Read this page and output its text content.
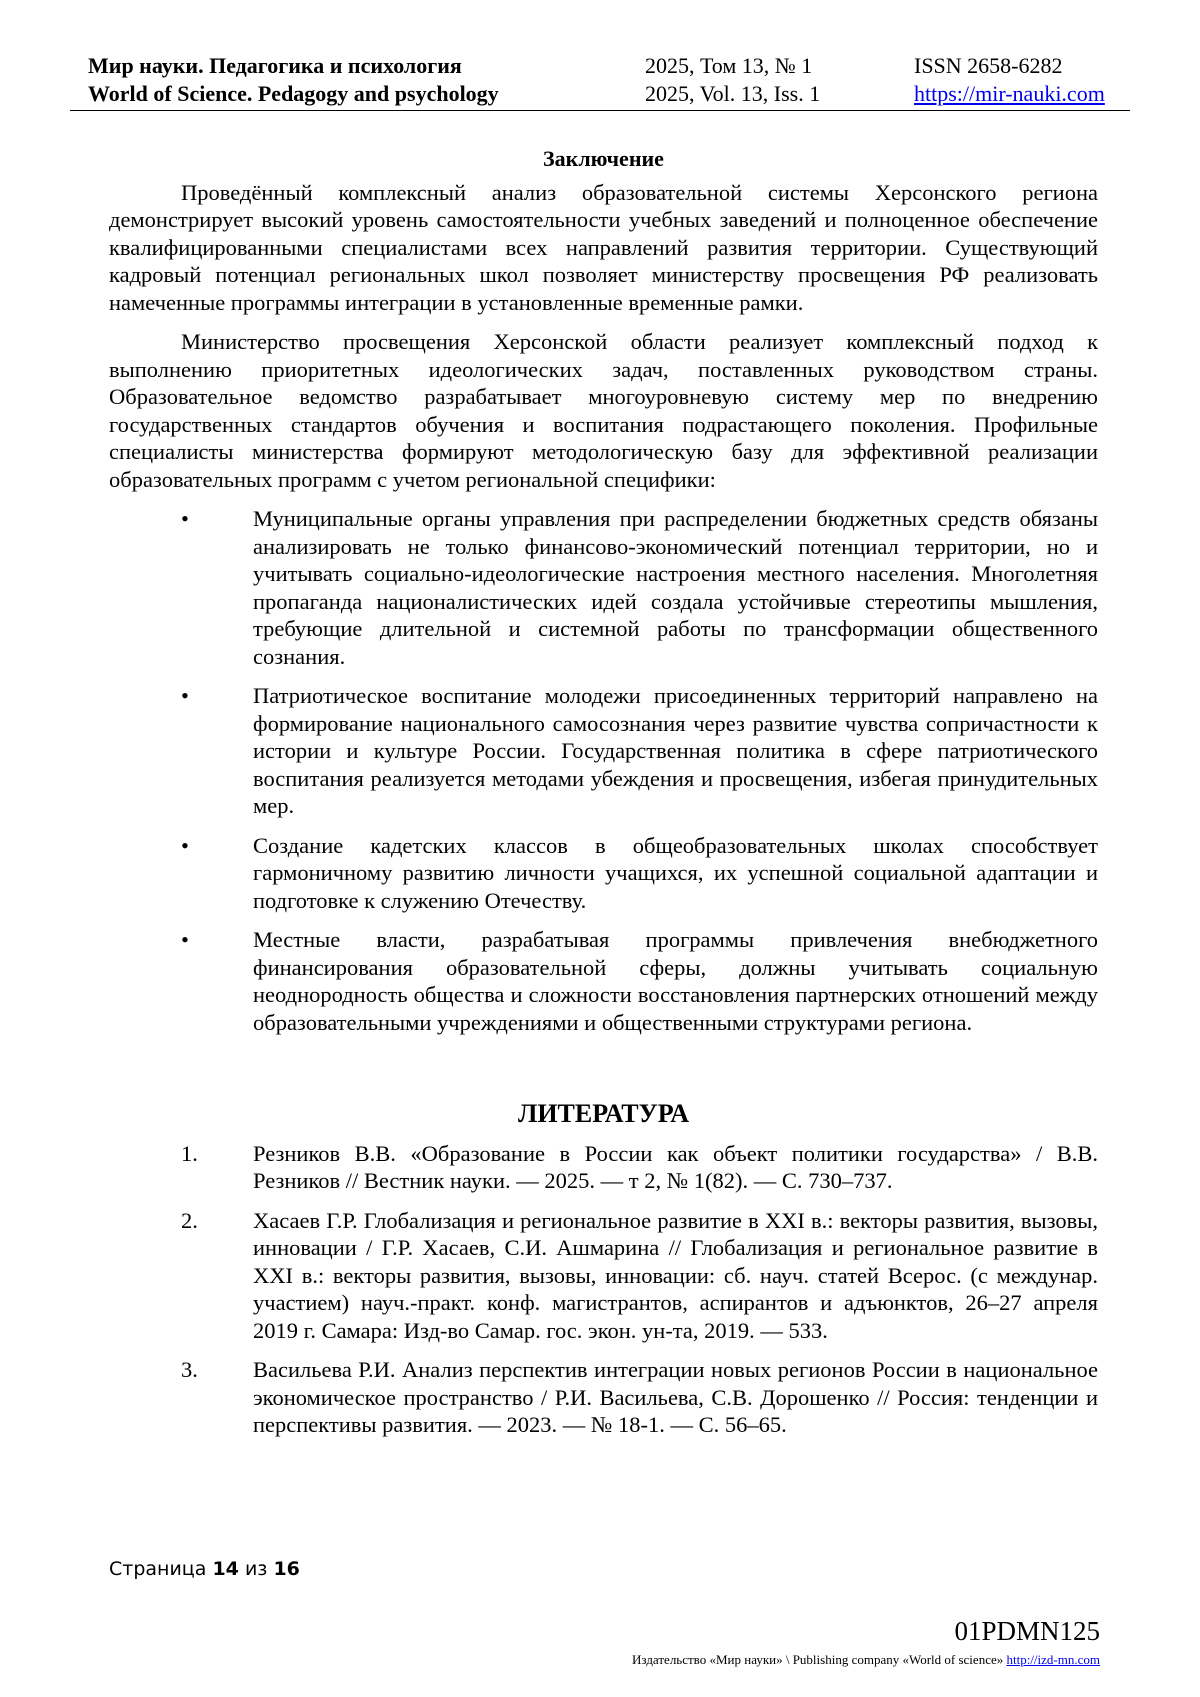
Мир науки. Педагогика и психология
World of Science. Pedagogy and psychology
2025, Том 13, № 1
2025, Vol. 13, Iss. 1
ISSN 2658-6282
https://mir-nauki.com
Заключение

Проведённый комплексный анализ образовательной системы Херсонского региона демонстрирует высокий уровень самостоятельности учебных заведений и полноценное обеспечение квалифицированными специалистами всех направлений развития территории. Существующий кадровый потенциал региональных школ позволяет министерству просвещения РФ реализовать намеченные программы интеграции в установленные временные рамки.

Министерство просвещения Херсонской области реализует комплексный подход к выполнению приоритетных идеологических задач, поставленных руководством страны. Образовательное ведомство разрабатывает многоуровневую систему мер по внедрению государственных стандартов обучения и воспитания подрастающего поколения. Профильные специалисты министерства формируют методологическую базу для эффективной реализации образовательных программ с учетом региональной специфики:

•	Муниципальные органы управления при распределении бюджетных средств обязаны анализировать не только финансово-экономический потенциал территории, но и учитывать социально-идеологические настроения местного населения. Многолетняя пропаганда националистических идей создала устойчивые стереотипы мышления, требующие длительной и системной работы по трансформации общественного сознания.
•	Патриотическое воспитание молодежи присоединенных территорий направлено на формирование национального самосознания через развитие чувства сопричастности к истории и культуре России. Государственная политика в сфере патриотического воспитания реализуется методами убеждения и просвещения, избегая принудительных мер.
•	Создание кадетских классов в общеобразовательных школах способствует гармоничному развитию личности учащихся, их успешной социальной адаптации и подготовке к служению Отечеству.
•	Местные власти, разрабатывая программы привлечения внебюджетного финансирования образовательной сферы, должны учитывать социальную неоднородность общества и сложности восстановления партнерских отношений между образовательными учреждениями и общественными структурами региона.
ЛИТЕРАТУРА
1. Резников В.В. «Образование в России как объект политики государства» / В.В. Резников // Вестник науки. — 2025. — т 2, № 1(82). — С. 730–737.
2. Хасаев Г.Р. Глобализация и региональное развитие в XXI в.: векторы развития, вызовы, инновации / Г.Р. Хасаев, С.И. Ашмарина // Глобализация и региональное развитие в XXI в.: векторы развития, вызовы, инновации: сб. науч. статей Всерос. (с междунар. участием) науч.-практ. конф. магистрантов, аспирантов и адъюнктов, 26–27 апреля 2019 г. Самара: Изд-во Самар. гос. экон. ун-та, 2019. — 533.
3. Васильева Р.И. Анализ перспектив интеграции новых регионов России в национальное экономическое пространство / Р.И. Васильева, С.В. Дорошенко // Россия: тенденции и перспективы развития. — 2023. — № 18-1. — С. 56–65.
Страница 14 из 16
01PDMN125
Издательство «Мир науки» \ Publishing company «World of science» http://izd-mn.com
